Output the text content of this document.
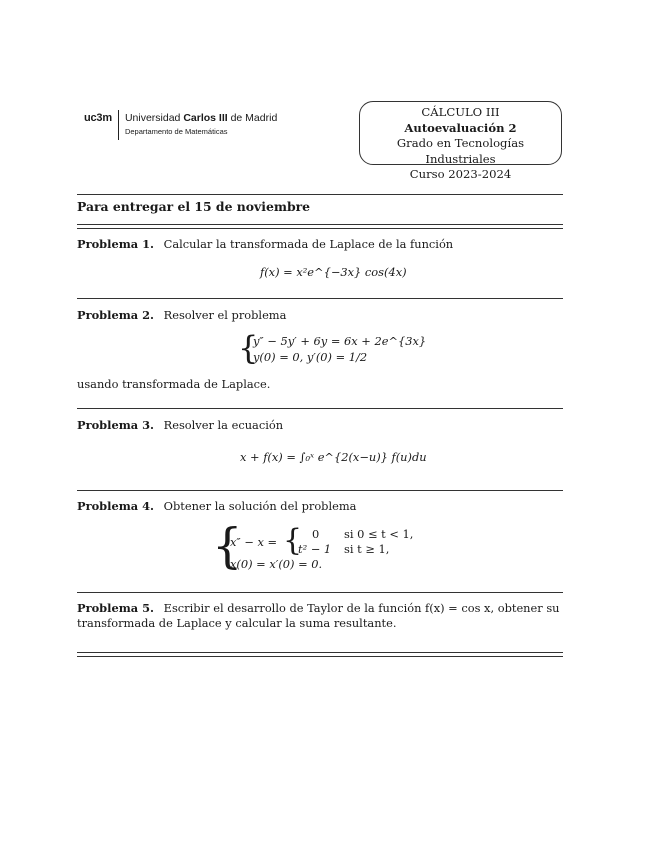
uc3m Universidad Carlos III de Madrid
Departamento de Matemáticas
CÁLCULO III
Autoevaluación 2
Grado en Tecnologías Industriales
Curso 2023-2024
Para entregar el 15 de noviembre
Problema 1. Calcular la transformada de Laplace de la función
f(x) = x²e^{−3x} cos(4x)
Problema 2. Resolver el problema
{
y″ − 5y′ + 6y = 6x + 2e^{3x}
y(0) = 0, y′(0) = 1/2
usando transformada de Laplace.
Problema 3. Resolver la ecuación
x + f(x) = ∫₀ˣ e^{2(x−u)} f(u)du
Problema 4. Obtener la solución del problema
{
x″ − x = { 0 si 0 ≤ t < 1,
t² − 1 si t ≥ 1,
x(0) = x′(0) = 0.
Problema 5. Escribir el desarrollo de Taylor de la función f(x) = cos x, obtener su transformada de Laplace y calcular la suma resultante.
